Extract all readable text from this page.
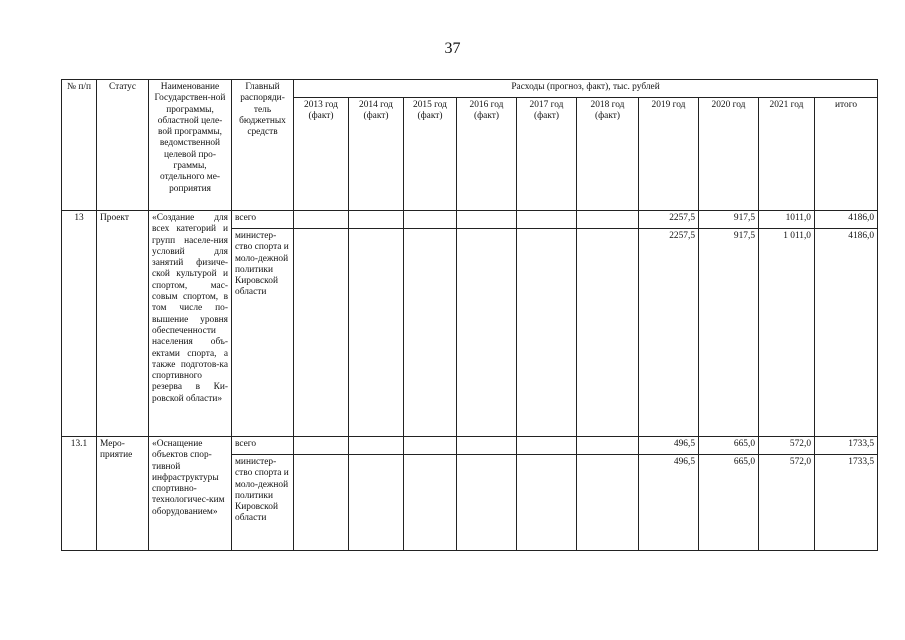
37
№ п/п	Статус	Наименование Государствен-ной программы, областной целе-вой программы, ведомственной целевой про-граммы, отдельного ме-роприятия	Главный распоряди-тель бюджетных средств	Расходы (прогноз, факт), тыс. рублей									
				2013 год (факт)	2014 год (факт)	2015 год (факт)	2016 год (факт)	2017 год (факт)	2018 год (факт)	2019 год	2020 год	2021 год	итого
13	Проект	«Создание для всех категорий и групп населе-ния условий для занятий физиче-ской культурой и спортом, мас-совым спортом, в том числе по-вышение уровня обеспеченности населения объ-ектами спорта, а также подготов-ка спортивного резерва в Ки-ровской области»	всего							2257,5	917,5	1011,0	4186,0
			министер-ство спорта и моло-дежной политики Кировской области							2257,5	917,5	1 011,0	4186,0
13.1	Меро-приятие	«Оснащение объектов спор-тивной инфраструктуры спортивно-технологичес-ким оборудованием»	всего							496,5	665,0	572,0	1733,5
			министер-ство спорта и моло-дежной политики Кировской области							496,5	665,0	572,0	1733,5
